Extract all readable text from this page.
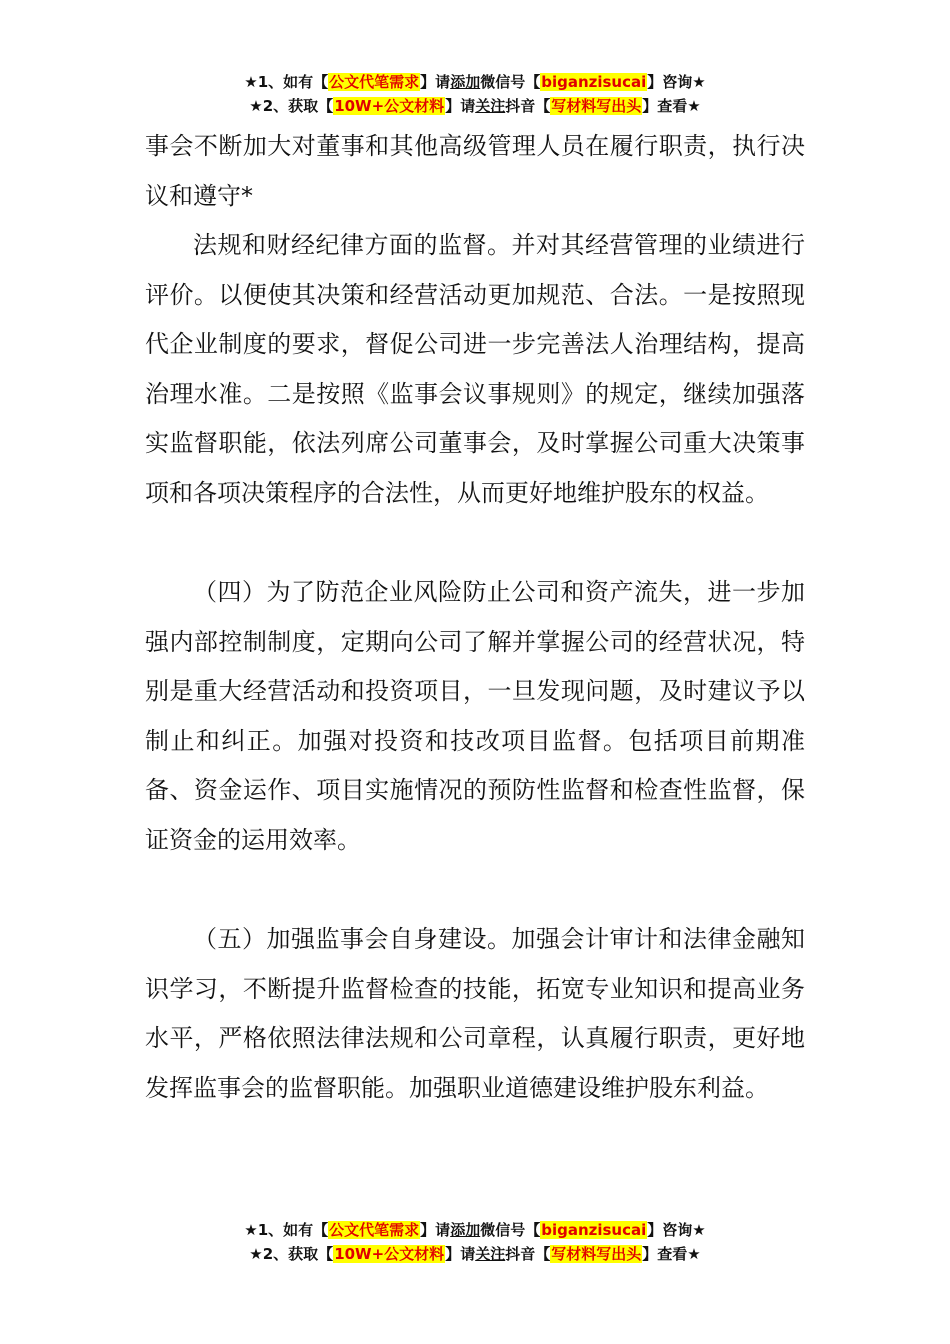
★1、如有【公文代笔需求】请添加微信号【biganzisucai】咨询★
★2、获取【10W+公文材料】请关注抖音【写材料写出头】查看★

事会不断加大对董事和其他高级管理人员在履行职责，执行决议和遵守*

法规和财经纪律方面的监督。并对其经营管理的业绩进行评价。以便使其决策和经营活动更加规范、合法。一是按照现代企业制度的要求，督促公司进一步完善法人治理结构，提高治理水准。二是按照《监事会议事规则》的规定，继续加强落实监督职能，依法列席公司董事会，及时掌握公司重大决策事项和各项决策程序的合法性，从而更好地维护股东的权益。

（四）为了防范企业风险防止公司和资产流失，进一步加强内部控制制度，定期向公司了解并掌握公司的经营状况，特别是重大经营活动和投资项目，一旦发现问题，及时建议予以制止和纠正。加强对投资和技改项目监督。包括项目前期准备、资金运作、项目实施情况的预防性监督和检查性监督，保证资金的运用效率。

（五）加强监事会自身建设。加强会计审计和法律金融知识学习，不断提升监督检查的技能，拓宽专业知识和提高业务水平，严格依照法律法规和公司章程，认真履行职责，更好地发挥监事会的监督职能。加强职业道德建设维护股东利益。

★1、如有【公文代笔需求】请添加微信号【biganzisucai】咨询★
★2、获取【10W+公文材料】请关注抖音【写材料写出头】查看★
